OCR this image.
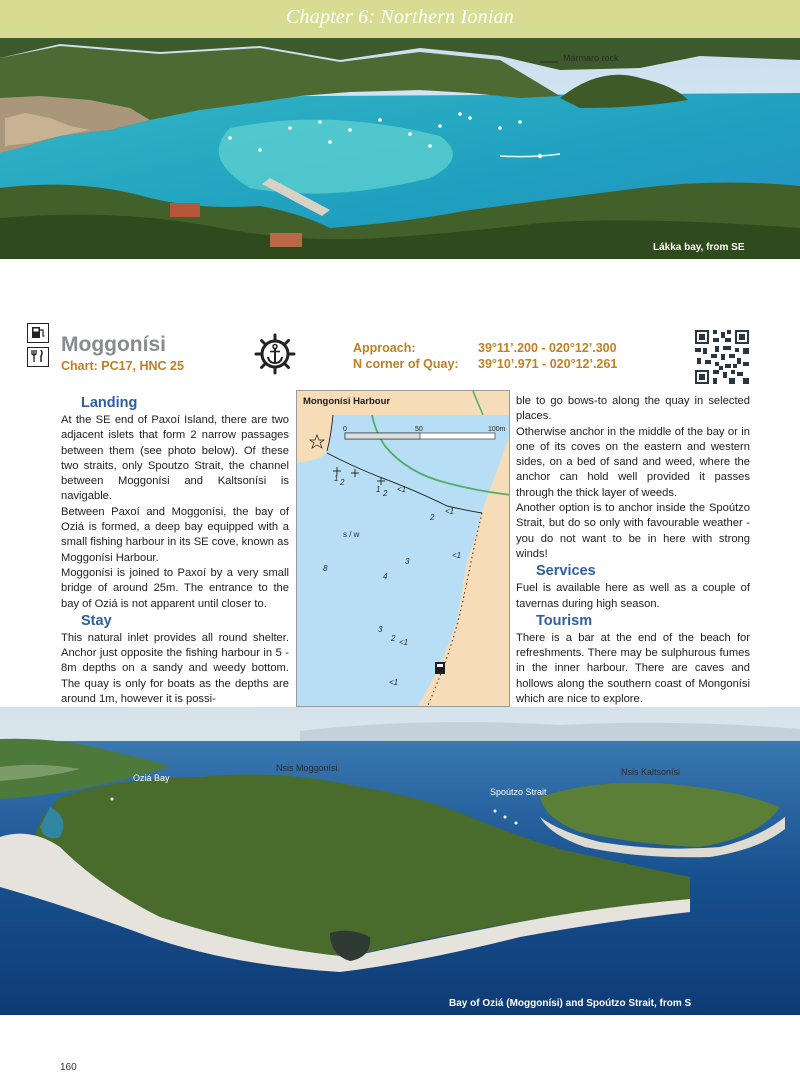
Chapter 6: Northern Ionian
Mármaro rock
Lákka bay, from SE
Moggonísi
Chart: PC17, HNC 25
Approach:
N corner of Quay:
39°11’.200 - 020°12’.300
39°10’.971 - 020°12’.261
Landing

At the SE end of Paxoí Island, there are two adjacent islets that form 2 narrow passages between them (see photo below). Of these two straits, only Spoutzo Strait, the channel between Moggonísi and Kaltsonísi is navigable.

Between Paxoí and Moggonísi, the bay of Oziá is formed, a deep bay equipped with a small fishing harbour in its SE cove, known as Moggonísi Harbour.

Moggonísi is joined to Paxoí by a very small bridge of around 25m. The entrance to the bay of Oziá is not apparent until closer to.

Stay

This natural inlet provides all round shelter. Anchor just opposite the fishing harbour in 5 - 8m depths on a sandy and weedy bottom. The quay is only for boats as the depths are around 1m, however it is possi-

Mongonísi Harbour
0	50	100m
s / w
1 2
1 2 <1
2
<1
3
<1
8
4
3
2 <1
<1

ble to go bows-to along the quay in selected places.

Otherwise anchor in the middle of the bay or in one of its coves on the eastern and western sides, on a bed of sand and weed, where the anchor can hold well provided it passes through the thick layer of weeds.

Another option is to anchor inside the Spoútzo Strait, but do so only with favourable weather - you do not want to be in here with strong winds!

Services

Fuel is available here as well as a couple of tavernas during high season.

Tourism

There is a bar at the end of the beach for refreshments. There may be sulphurous fumes in the inner harbour. There are caves and hollows along the southern coast of Mongonísi which are nice to explore.

Oziá Bay
Nsis Moggonísi
Spoútzo Strait
Nsis Kaltsonísi
Bay of Oziá (Moggonísi) and Spoútzo Strait, from S
160
